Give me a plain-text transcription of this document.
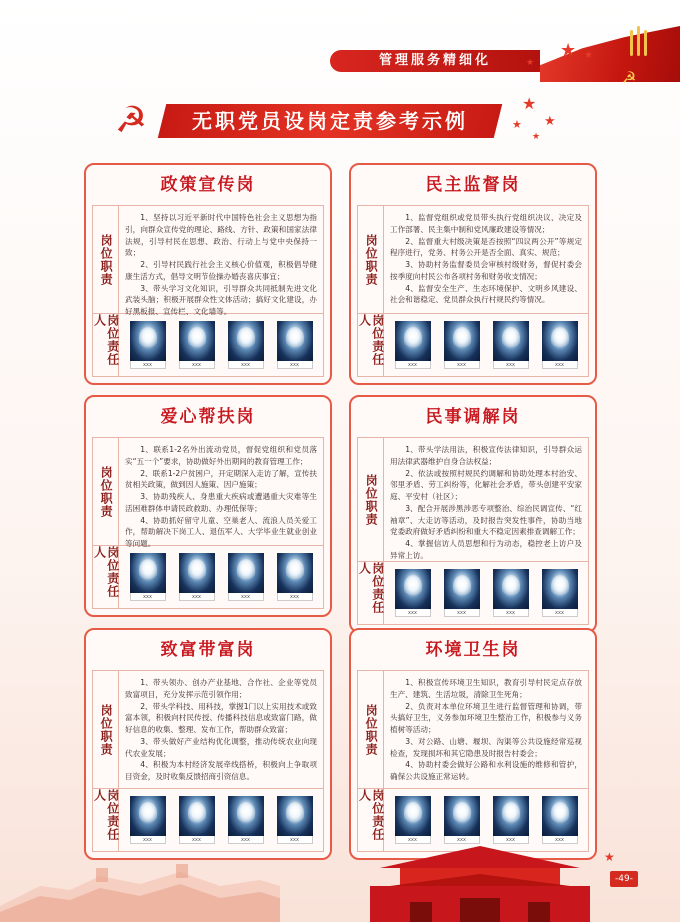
管理服务精细化
☭
★ ★
★
☭	无职党员设岗定责参考示例
★
★
★
★
政策宣传岗
岗位职责

1、坚持以习近平新时代中国特色社会主义思想为指引，向群众宣传党的理论、路线、方针、政策和国家法律法规，引导村民在思想、政治、行动上与党中央保持一致；

2、引导村民践行社会主义核心价值观，积极倡导健康生活方式，倡导文明节俭操办婚丧喜庆事宜；

3、带头学习文化知识，引导群众共同抵制先进文化武装头脑；积极开展群众性文体活动；搞好文化建设，办好黑板报、宣传栏、文化墙等。

岗位责任人
xxx	xxx	xxx	xxx
民主监督岗
岗位职责

1、监督党组织或党员带头执行党组织决议、决定及工作部署、民主集中制和党风廉政建设等情况；

2、监督重大村级决策是否按照“四议两公开”等规定程序进行，党务、村务公开是否全面、真实、规范；

3、协助村务监督委员会审核村级财务，督促村委会按季度向村民公布各项村务和财务收支情况；

4、监督安全生产、生态环境保护、文明乡风建设、社会和谐稳定、党员群众执行村规民约等情况。

岗位责任人
xxx	xxx	xxx	xxx
爱心帮扶岗
岗位职责

1、联系1-2名外出流动党员，督促党组织和党员落实“五一个”要求，协助做好外出期间的教育管理工作；

2、联系1-2户贫困户，开定期深入走访了解，宣传扶贫相关政策，做到因人施策、因户施策；

3、协助残疾人、身患重大疾病或遭遇重大灾难等生活困难群体申请民政救助、办理低保等；

4、协助抓好留守儿童、空巢老人、流浪人员关爱工作，帮助解决下岗工人、退伍军人、大学毕业生就业创业等问题。

岗位责任人
xxx	xxx	xxx	xxx
民事调解岗
岗位职责

1、带头学法用法，积极宣传法律知识，引导群众运用法律武器维护自身合法权益；

2、依法或按照村规民约调解和协助处理本村治安、邻里矛盾、劳工纠纷等，化解社会矛盾，带头创建平安家庭、平安村（社区）；

3、配合开展涉黑涉恶专项整治、综治民调宣传、“红袖章”、大走访等活动，及时报告突发性事件，协助当地党委政府做好矛盾纠纷和重大不稳定因素排查调解工作；

4、掌握信访人员思想和行为动态，稳控老上访户及异常上访。

岗位责任人
xxx	xxx	xxx	xxx
致富带富岗
岗位职责

1、带头领办、创办产业基地、合作社、企业等党员致富项目，充分发挥示范引领作用；

2、带头学科技、用科技，掌握1门以上实用技术或致富本领，积极向村民传授、传播科技信息或致富门路，做好信息的收集、整理、发布工作，帮助群众致富；

3、带头做好产业结构优化调整，推动传统农业向现代农业发展；

4、积极为本村经济发展牵线搭桥，积极向上争取项目资金，及时收集反馈招商引资信息。

岗位责任人
xxx	xxx	xxx	xxx
环境卫生岗
岗位职责

1、积极宣传环境卫生知识，教育引导村民定点存放生产、建筑、生活垃圾，清除卫生死角；

2、负责对本单位环境卫生进行监督管理和协调，带头搞好卫生，义务参加环境卫生整治工作，积极参与义务植树等活动；

3、对公路、山塘、堰坝、沟渠等公共设施经常巡视检查，发现损坏和其它隐患及时报告村委会；

4、协助村委会做好公路和水利设施的维修和管护，确保公共设施正常运转。

岗位责任人
xxx	xxx	xxx	xxx
★
-49-
